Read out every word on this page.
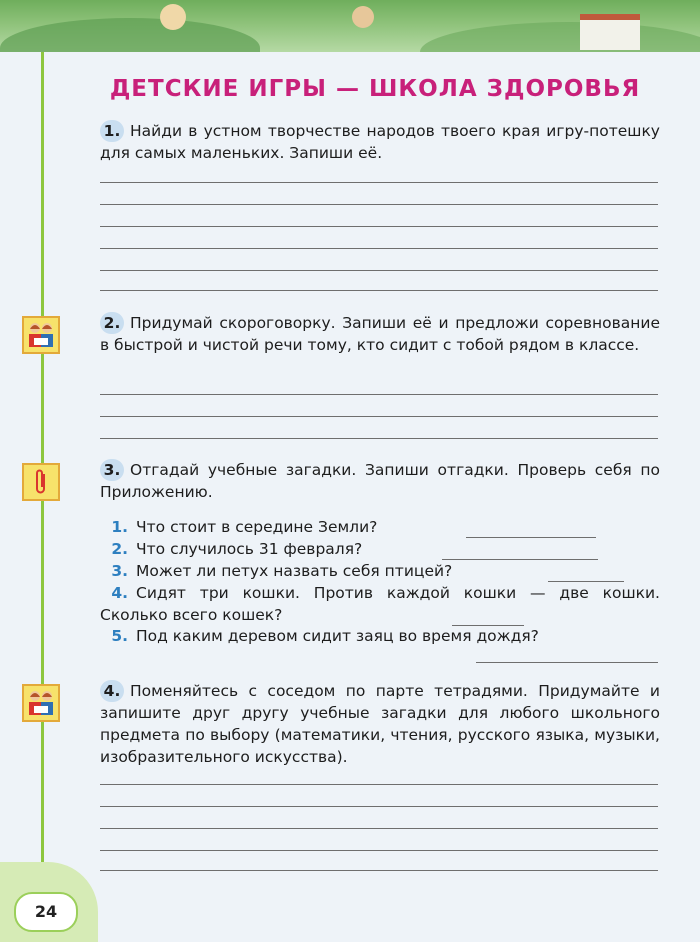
24
ДЕТСКИЕ ИГРЫ — ШКОЛА ЗДОРОВЬЯ
1. Найди в устном творчестве народов твоего края игру-потешку для самых маленьких. Запиши её.
2. Придумай скороговорку. Запиши её и предложи соревнование в быстрой и чистой речи тому, кто сидит с тобой рядом в классе.
3. Отгадай учебные загадки. Запиши отгадки. Проверь себя по Приложению.
1. Что стоит в середине Земли?
2. Что случилось 31 февраля?
3. Может ли петух назвать себя птицей?
4. Сидят три кошки. Против каждой кошки — две кошки. Сколько всего кошек?
5. Под каким деревом сидит заяц во время дождя?
4. Поменяйтесь с соседом по парте тетрадями. Придумайте и запишите друг другу учебные загадки для любого школьного предмета по выбору (математики, чтения, русского языка, музыки, изобразительного искусства).
